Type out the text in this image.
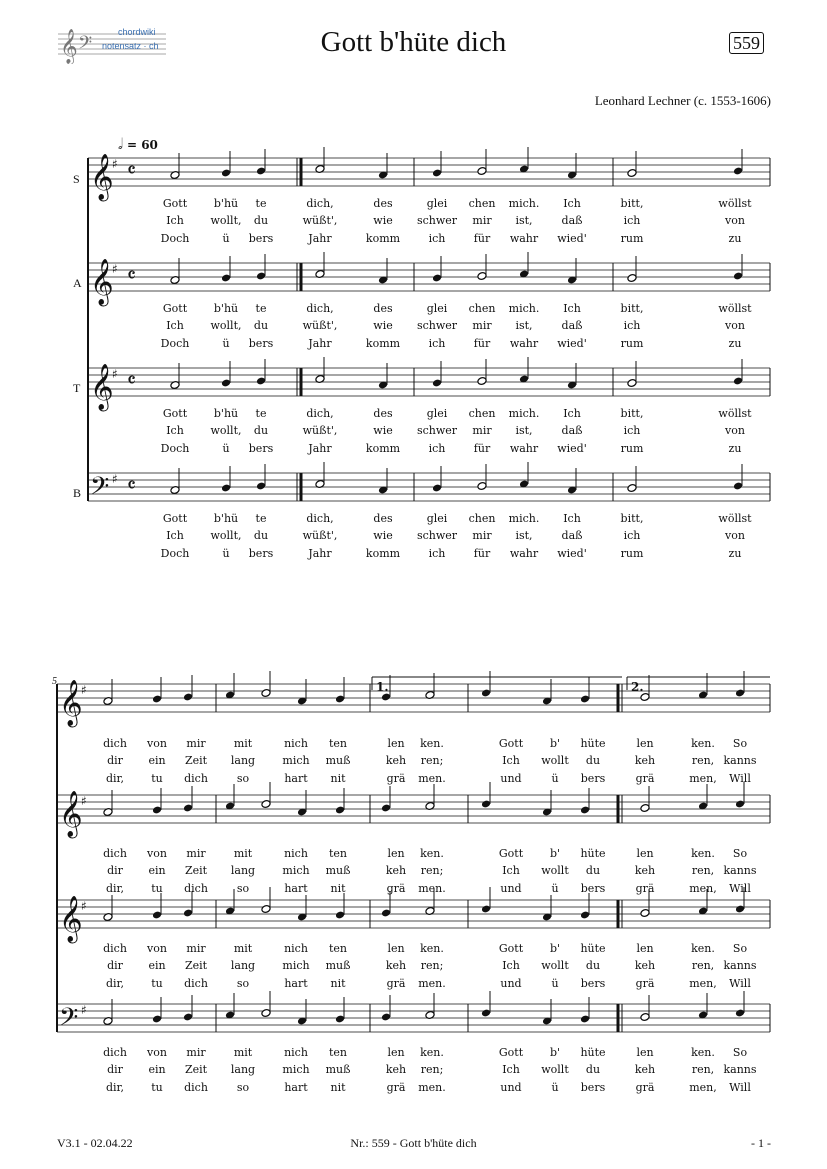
𝄞 𝄢
chordwiki
notensatz · ch	Gott b'hüte dich	559
Leonhard Lechner (c. 1553-1606)
𝅗𝅥 = 60
S
A
T
B
5
𝄞
♯ 𝄴
𝄞
♯ 𝄴
𝄞
♯ 𝄴
𝄢 ♯ 𝄴
𝄞
♯
𝄞
♯
𝄞
♯
𝄢 ♯
1.	2.
Gott b'hü te	dich,	des	glei chen mich. Ich	bitt,	wöllst
Ich wollt, du	wüßt',	wie schwer mir ist,	daß	ich	von
Doch	ü bers	Jahr	komm	ich	für wahr wied'	rum	zu
Gott b'hü te	dich,	des	glei chen mich. Ich	bitt,	wöllst
Ich wollt, du	wüßt',	wie schwer mir ist,	daß	ich	von
Doch	ü bers	Jahr	komm	ich	für wahr wied'	rum	zu
Gott b'hü te	dich,	des	glei chen mich. Ich	bitt,	wöllst
Ich wollt, du	wüßt',	wie schwer mir ist,	daß	ich	von
Doch	ü bers	Jahr	komm	ich	für wahr wied'	rum	zu
Gott b'hü te	dich,	des	glei chen mich. Ich	bitt,	wöllst
Ich wollt, du	wüßt',	wie schwer mir ist,	daß	ich	von
Doch	ü bers	Jahr	komm	ich	für wahr wied'	rum	zu
dich von mir	mit	nich ten	len ken.	Gott b' hüte	len	ken. So
dir ein Zeit lang mich muß	keh ren;	Ich wollt du	keh	ren, kanns
dir, tu dich	so	hart nit	grä men.	und	ü bers	grä	men, Will
dich von mir	mit	nich ten	len ken.	Gott b' hüte	len	ken. So
dir ein Zeit lang mich muß	keh ren;	Ich wollt du	keh	ren, kanns
dir, tu dich	so	hart nit	grä men.	und	ü bers	grä	men, Will
dich von mir	mit	nich ten	len ken.	Gott b' hüte	len	ken. So
dir ein Zeit lang mich muß	keh ren;	Ich wollt du	keh	ren, kanns
dir, tu dich	so	hart nit	grä men.	und	ü bers	grä	men, Will
dich von mir	mit	nich ten	len ken.	Gott b' hüte	len	ken. So
dir ein Zeit lang mich muß	keh ren;	Ich wollt du	keh	ren, kanns
dir, tu dich	so	hart nit	grä men.	und	ü bers	grä	men, Will
V3.1 - 02.04.22	Nr.: 559 - Gott b'hüte dich	- 1 -
